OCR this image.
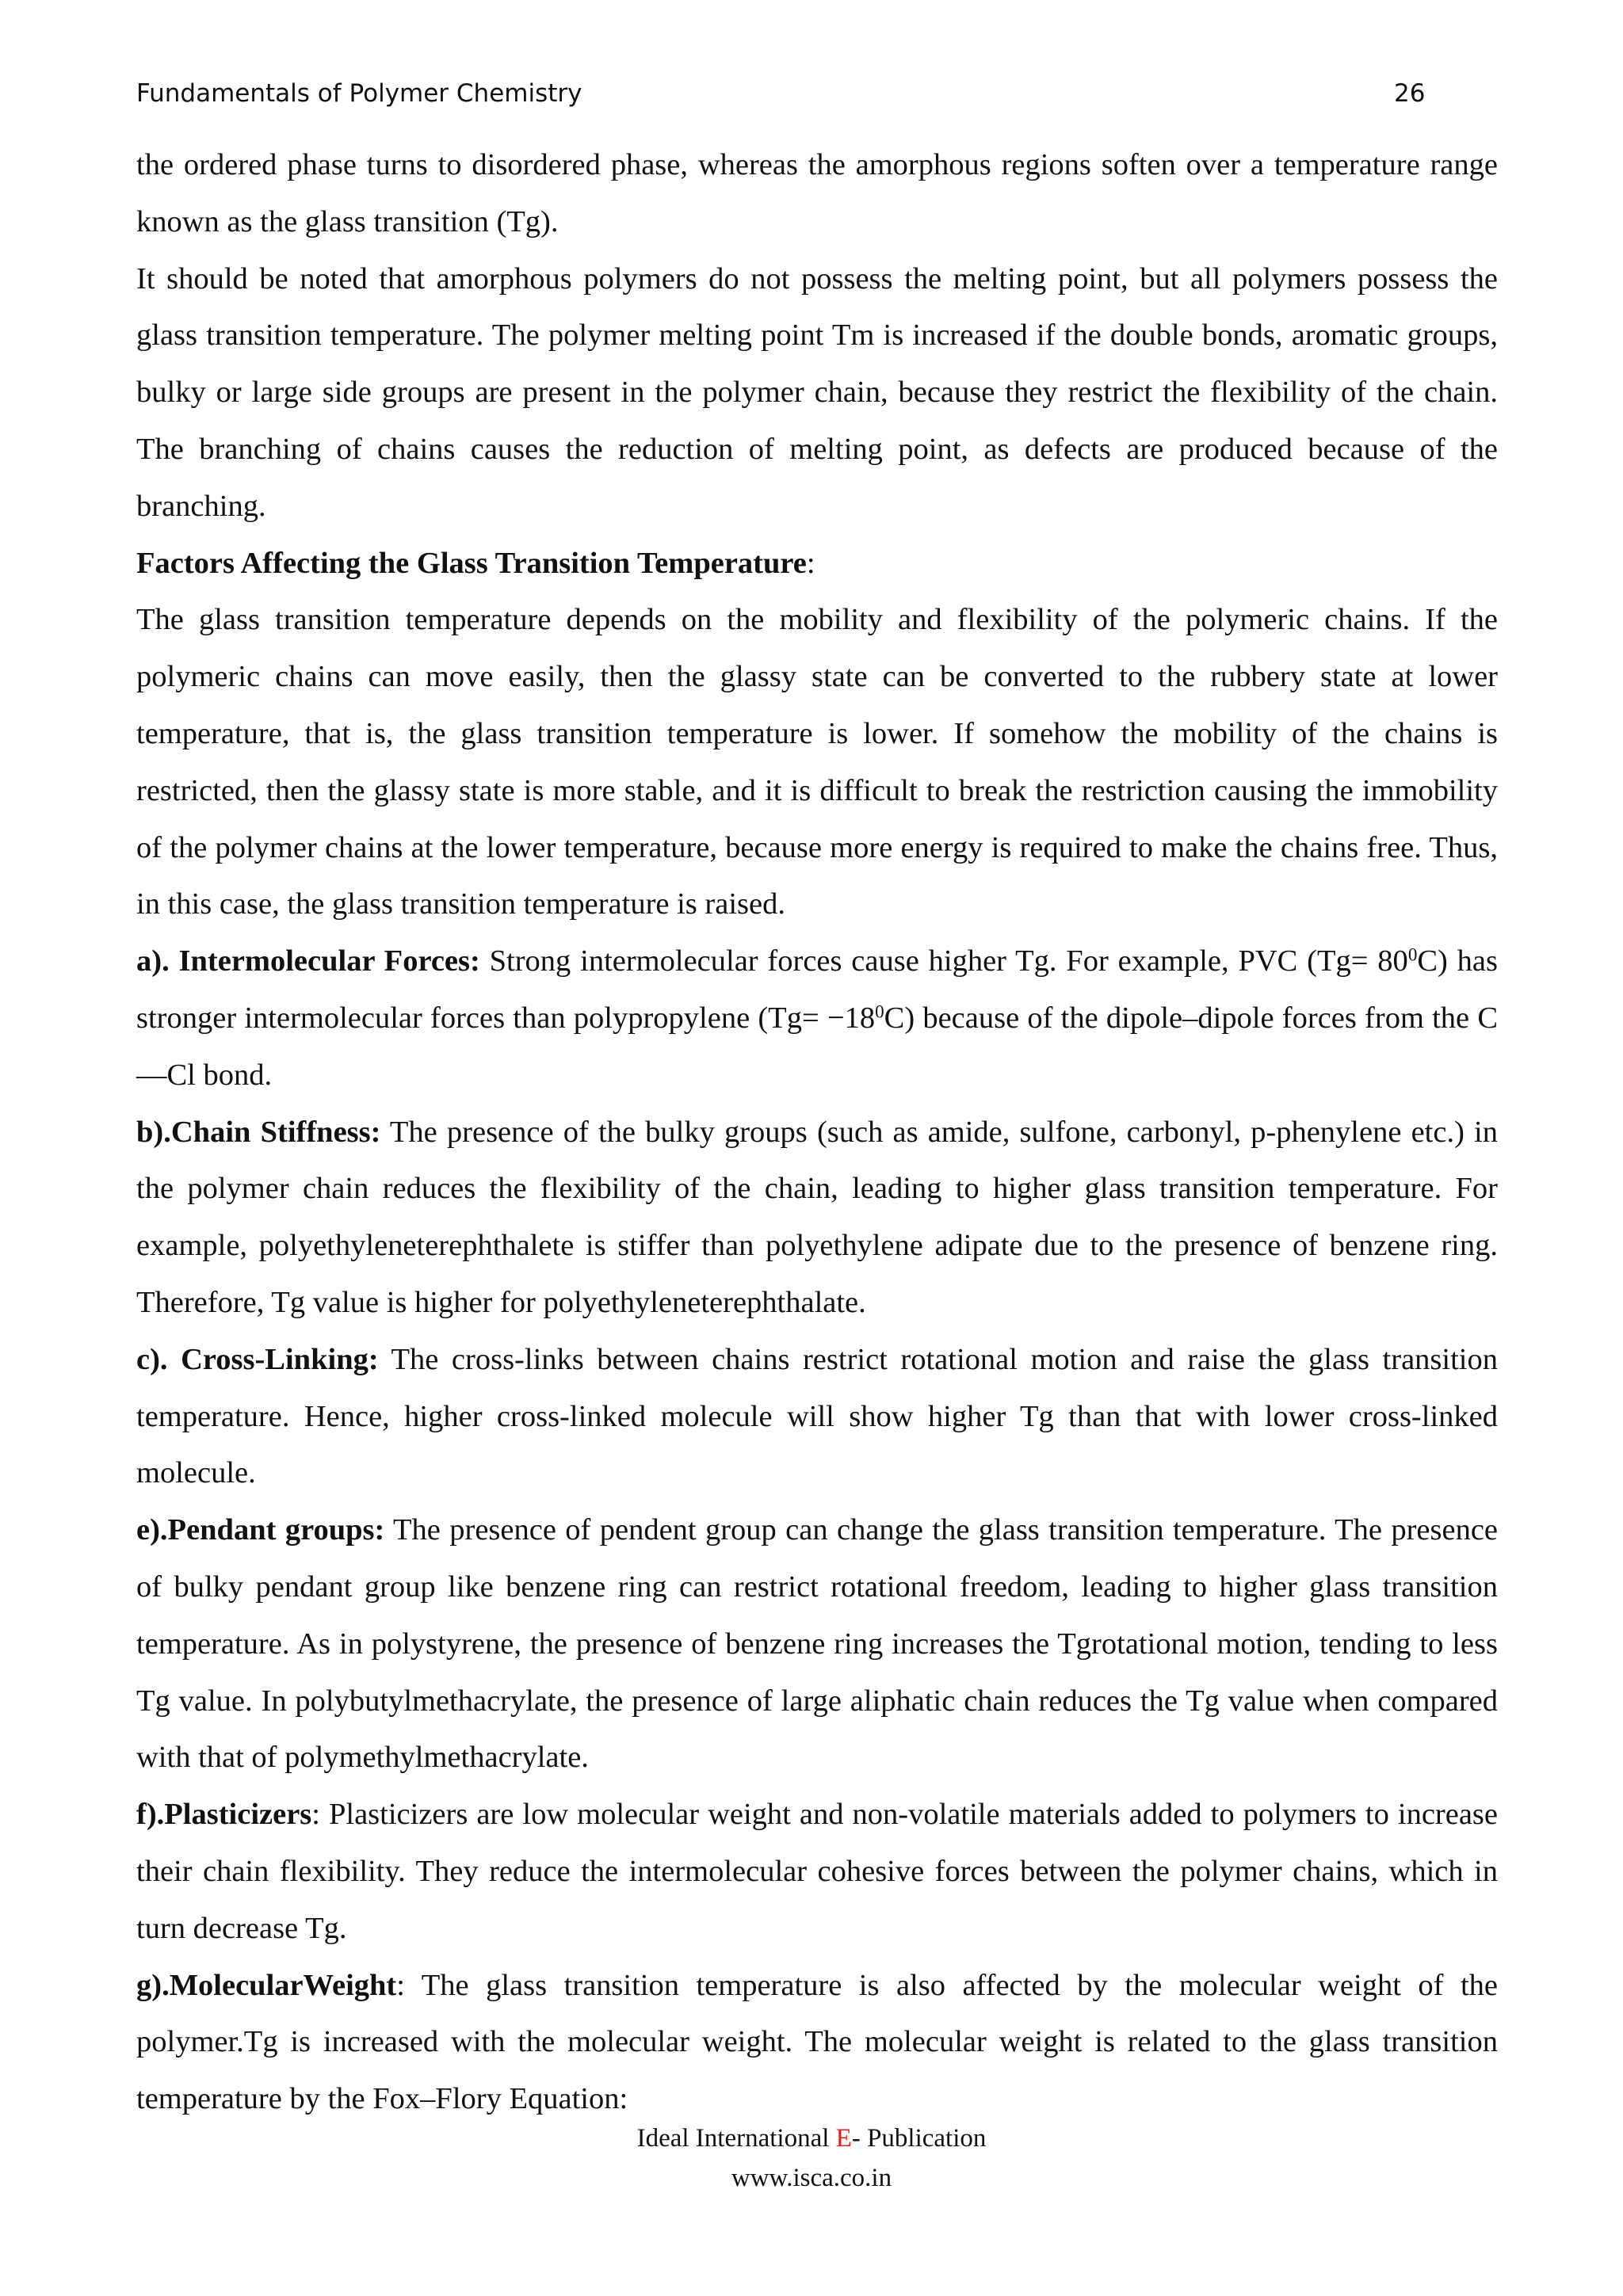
Fundamentals of Polymer Chemistry	26

the ordered phase turns to disordered phase, whereas the amorphous regions soften over a temperature range known as the glass transition (Tg).

It should be noted that amorphous polymers do not possess the melting point, but all polymers possess the glass transition temperature. The polymer melting point Tm is increased if the double bonds, aromatic groups, bulky or large side groups are present in the polymer chain, because they restrict the flexibility of the chain. The branching of chains causes the reduction of melting point, as defects are produced because of the branching.

Factors Affecting the Glass Transition Temperature:

The glass transition temperature depends on the mobility and flexibility of the polymeric chains. If the polymeric chains can move easily, then the glassy state can be converted to the rubbery state at lower temperature, that is, the glass transition temperature is lower. If somehow the mobility of the chains is restricted, then the glassy state is more stable, and it is difficult to break the restriction causing the immobility of the polymer chains at the lower temperature, because more energy is required to make the chains free. Thus, in this case, the glass transition temperature is raised.

a). Intermolecular Forces: Strong intermolecular forces cause higher Tg. For example, PVC $(Tg= 80^0C)$ has stronger intermolecular forces than polypropylene $(Tg= -18^0C)$ because of the dipole–dipole forces from the C—Cl bond.

b).Chain Stiffness: The presence of the bulky groups (such as amide, sulfone, carbonyl, p-phenylene etc.) in the polymer chain reduces the flexibility of the chain, leading to higher glass transition temperature. For example, polyethyleneterephthalete is stiffer than polyethylene adipate due to the presence of benzene ring. Therefore, Tg value is higher for polyethyleneterephthalate.

c). Cross-Linking: The cross-links between chains restrict rotational motion and raise the glass transition temperature. Hence, higher cross-linked molecule will show higher Tg than that with lower cross-linked molecule.

e).Pendant groups: The presence of pendent group can change the glass transition temperature. The presence of bulky pendant group like benzene ring can restrict rotational freedom, leading to higher glass transition temperature. As in polystyrene, the presence of benzene ring increases the Tgrotational motion, tending to less Tg value. In polybutylmethacrylate, the presence of large aliphatic chain reduces the Tg value when compared with that of polymethylmethacrylate.

f).Plasticizers: Plasticizers are low molecular weight and non-volatile materials added to polymers to increase their chain flexibility. They reduce the intermolecular cohesive forces between the polymer chains, which in turn decrease Tg.

g).MolecularWeight: The glass transition temperature is also affected by the molecular weight of the polymer.Tg is increased with the molecular weight. The molecular weight is related to the glass transition temperature by the Fox–Flory Equation:

Ideal International E- Publication
www.isca.co.in
